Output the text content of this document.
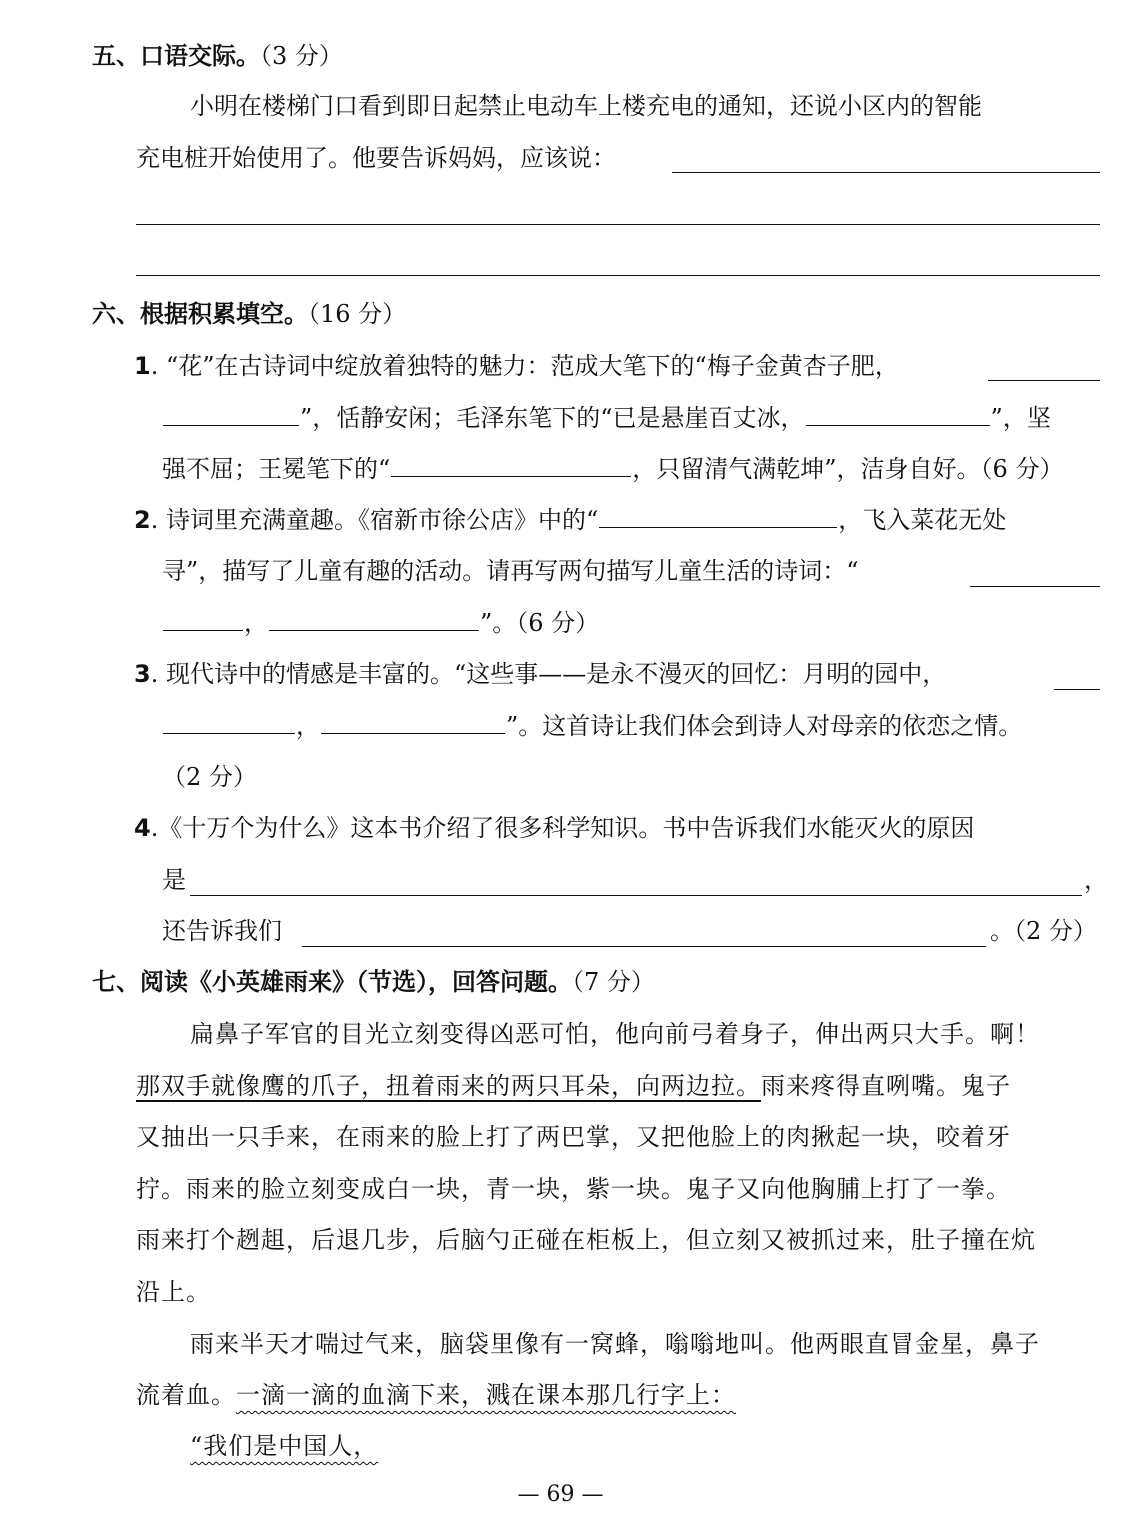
五、口语交际。（3 分）
小明在楼梯门口看到即日起禁止电动车上楼充电的通知，还说小区内的智能
充电桩开始使用了。他要告诉妈妈，应该说：
六、根据积累填空。（16 分）
1. “花”在古诗词中绽放着独特的魅力：范成大笔下的“梅子金黄杏子肥，
”，恬静安闲；毛泽东笔下的“已是悬崖百丈冰，	”，坚
强不屈；王冕笔下的“	，只留清气满乾坤”，洁身自好。（6 分）
2. 诗词里充满童趣。《宿新市徐公店》中的“	，飞入菜花无处
寻”，描写了儿童有趣的活动。请再写两句描写儿童生活的诗词：“
，	”。（6 分）
3. 现代诗中的情感是丰富的。“这些事——是永不漫灭的回忆：月明的园中，
，	”。这首诗让我们体会到诗人对母亲的依恋之情。
（2 分）
4.《十万个为什么》这本书介绍了很多科学知识。书中告诉我们水能灭火的原因
是	，
还告诉我们	。（2 分）
七、阅读《小英雄雨来》（节选），回答问题。（7 分）
扁鼻子军官的目光立刻变得凶恶可怕，他向前弓着身子，伸出两只大手。啊！
那双手就像鹰的爪子，扭着雨来的两只耳朵，向两边拉。雨来疼得直咧嘴。鬼子
又抽出一只手来，在雨来的脸上打了两巴掌，又把他脸上的肉揪起一块，咬着牙
拧。雨来的脸立刻变成白一块，青一块，紫一块。鬼子又向他胸脯上打了一拳。
雨来打个趔趄，后退几步，后脑勺正碰在柜板上，但立刻又被抓过来，肚子撞在炕
沿上。
雨来半天才喘过气来，脑袋里像有一窝蜂，嗡嗡地叫。他两眼直冒金星，鼻子
流着血。一滴一滴的血滴下来，溅在课本那几行字上：
“我们是中国人，
— 69 —
